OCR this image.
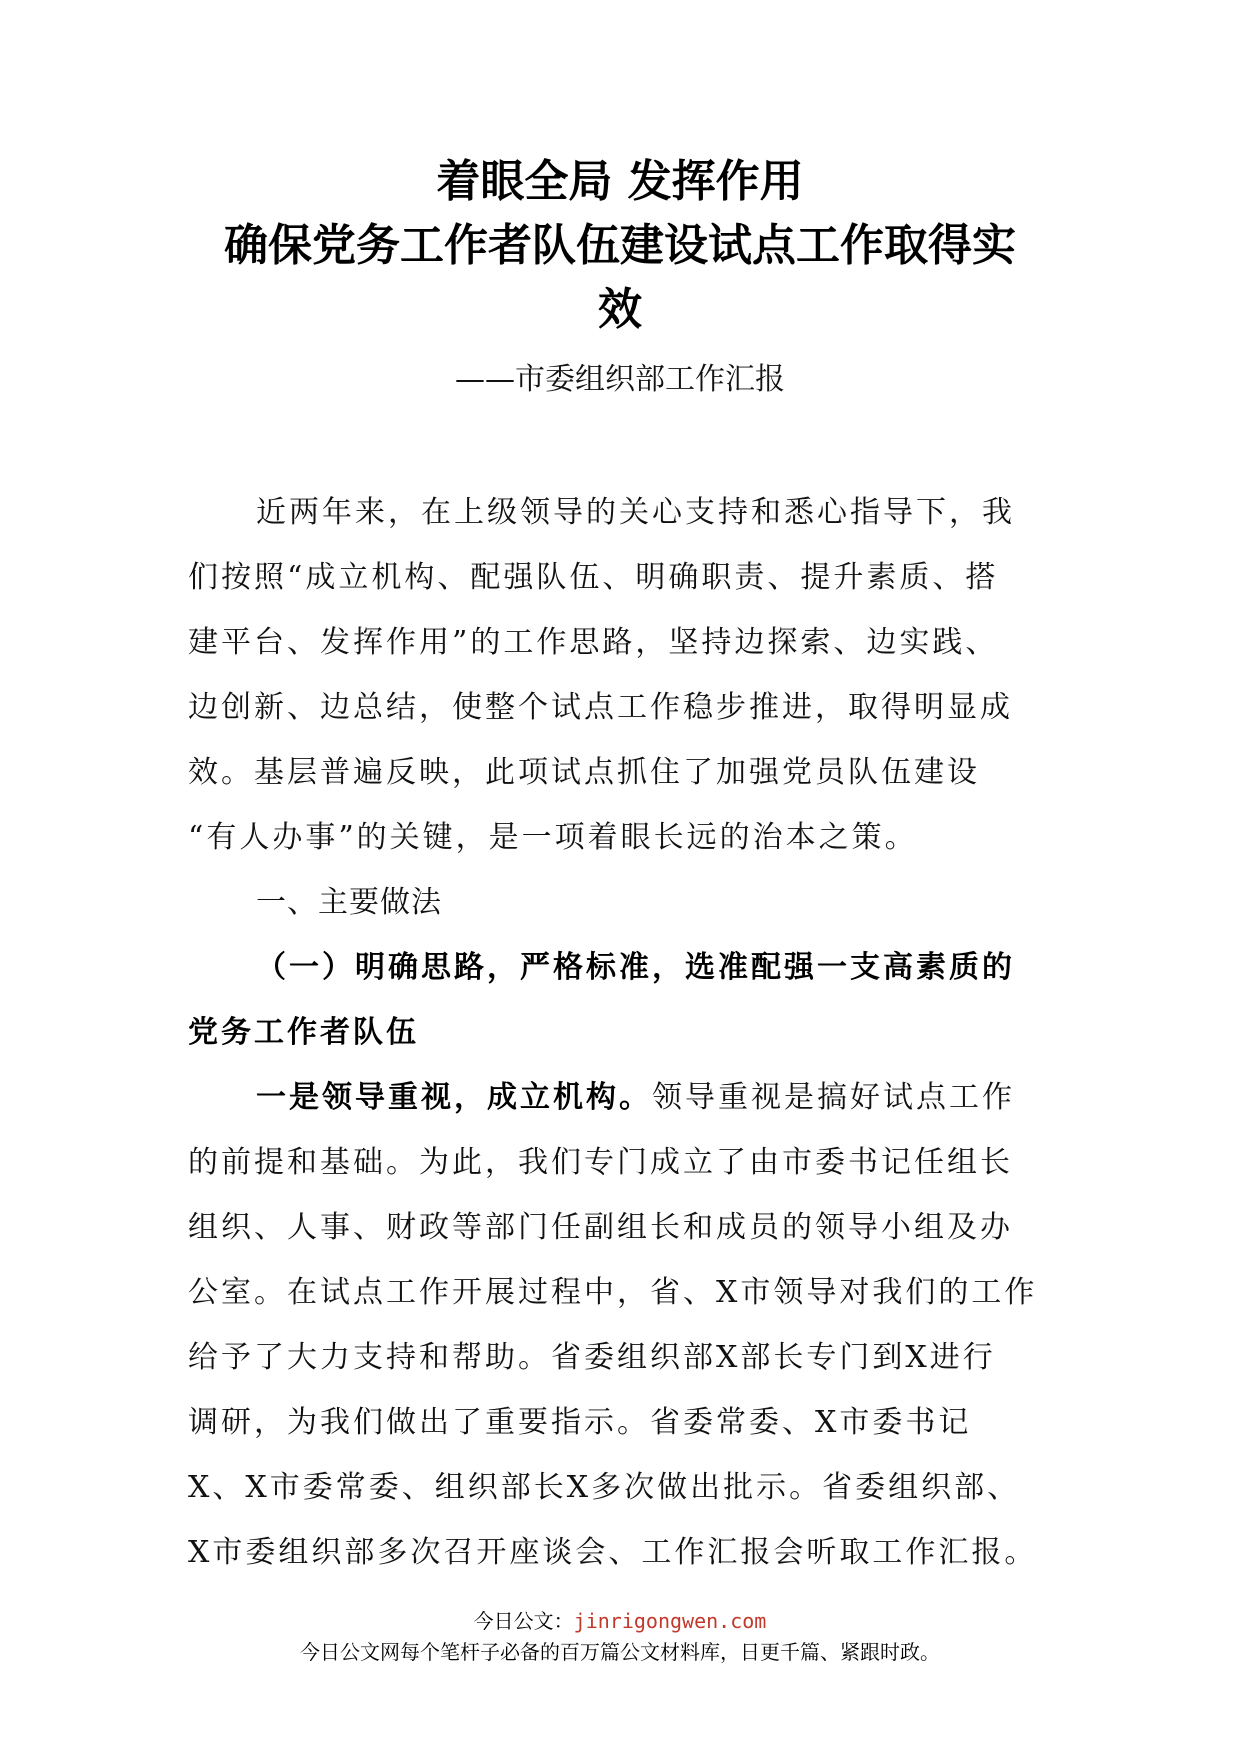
着眼全局 发挥作用
确保党务工作者队伍建设试点工作取得实
效
——市委组织部工作汇报
近两年来，在上级领导的关心支持和悉心指导下，我
们按照“成立机构、配强队伍、明确职责、提升素质、搭
建平台、发挥作用”的工作思路，坚持边探索、边实践、
边创新、边总结，使整个试点工作稳步推进，取得明显成
效。基层普遍反映，此项试点抓住了加强党员队伍建设
“有人办事”的关键，是一项着眼长远的治本之策。
一、主要做法
（一）明确思路，严格标准，选准配强一支高素质的
党务工作者队伍
一是领导重视，成立机构。领导重视是搞好试点工作
的前提和基础。为此，我们专门成立了由市委书记任组长
组织、人事、财政等部门任副组长和成员的领导小组及办
公室。在试点工作开展过程中，省、X市领导对我们的工作
给予了大力支持和帮助。省委组织部X部长专门到X进行
调研，为我们做出了重要指示。省委常委、X市委书记
X、X市委常委、组织部长X多次做出批示。省委组织部、
X市委组织部多次召开座谈会、工作汇报会听取工作汇报。
今日公文：jinrigongwen.com
今日公文网每个笔杆子必备的百万篇公文材料库，日更千篇、紧跟时政。
